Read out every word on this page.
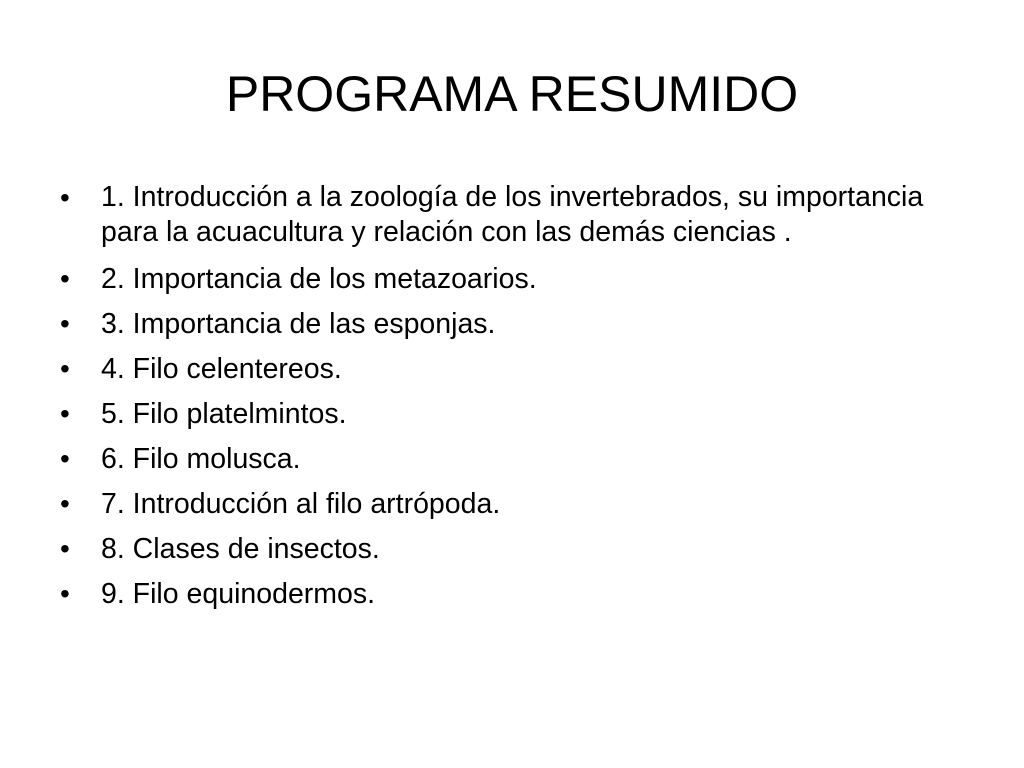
PROGRAMA RESUMIDO
•	1. Introducción a la zoología de los invertebrados, su importancia para la acuacultura y relación con las demás ciencias .
•	2. Importancia de los metazoarios.
•	3. Importancia de las esponjas.
•	4. Filo celentereos.
•	5. Filo platelmintos.
•	6. Filo molusca.
•	7. Introducción al filo artrópoda.
•	8. Clases de insectos.
•	9. Filo equinodermos.
